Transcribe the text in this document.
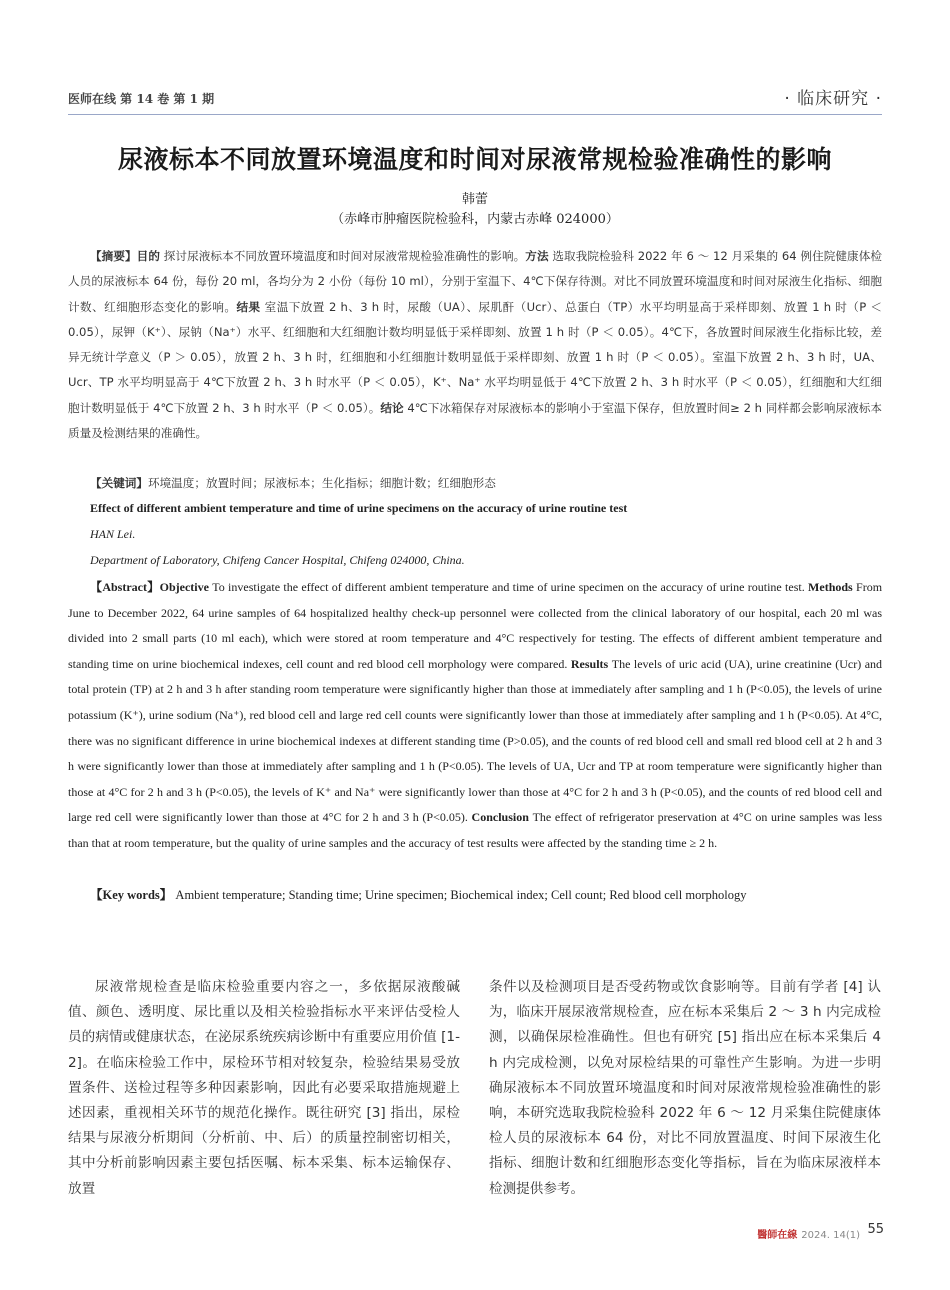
医师在线 第 14 卷 第 1 期	· 临床研究 ·
尿液标本不同放置环境温度和时间对尿液常规检验准确性的影响
韩蕾
（赤峰市肿瘤医院检验科，内蒙古赤峰 024000）
【摘要】目的 探讨尿液标本不同放置环境温度和时间对尿液常规检验准确性的影响。方法 选取我院检验科 2022 年 6 ～ 12 月采集的 64 例住院健康体检人员的尿液标本 64 份，每份 20 ml，各均分为 2 小份（每份 10 ml），分别于室温下、4℃下保存待测。对比不同放置环境温度和时间对尿液生化指标、细胞计数、红细胞形态变化的影响。结果 室温下放置 2 h、3 h 时，尿酸（UA）、尿肌酐（Ucr）、总蛋白（TP）水平均明显高于采样即刻、放置 1 h 时（P ＜ 0.05），尿钾（K⁺）、尿钠（Na⁺）水平、红细胞和大红细胞计数均明显低于采样即刻、放置 1 h 时（P ＜ 0.05）。4℃下，各放置时间尿液生化指标比较，差异无统计学意义（P ＞ 0.05），放置 2 h、3 h 时，红细胞和小红细胞计数明显低于采样即刻、放置 1 h 时（P ＜ 0.05）。室温下放置 2 h、3 h 时，UA、Ucr、TP 水平均明显高于 4℃下放置 2 h、3 h 时水平（P ＜ 0.05），K⁺、Na⁺ 水平均明显低于 4℃下放置 2 h、3 h 时水平（P ＜ 0.05），红细胞和大红细胞计数明显低于 4℃下放置 2 h、3 h 时水平（P ＜ 0.05）。结论 4℃下冰箱保存对尿液标本的影响小于室温下保存，但放置时间≥ 2 h 同样都会影响尿液标本质量及检测结果的准确性。
【关键词】环境温度；放置时间；尿液标本；生化指标；细胞计数；红细胞形态
Effect of different ambient temperature and time of urine specimens on the accuracy of urine routine test
HAN Lei.
Department of Laboratory, Chifeng Cancer Hospital, Chifeng 024000, China.
【Abstract】Objective To investigate the effect of different ambient temperature and time of urine specimen on the accuracy of urine routine test. Methods From June to December 2022, 64 urine samples of 64 hospitalized healthy check-up personnel were collected from the clinical laboratory of our hospital, each 20 ml was divided into 2 small parts (10 ml each), which were stored at room temperature and 4°C respectively for testing. The effects of different ambient temperature and standing time on urine biochemical indexes, cell count and red blood cell morphology were compared. Results The levels of uric acid (UA), urine creatinine (Ucr) and total protein (TP) at 2 h and 3 h after standing room temperature were significantly higher than those at immediately after sampling and 1 h (P<0.05), the levels of urine potassium (K⁺), urine sodium (Na⁺), red blood cell and large red cell counts were significantly lower than those at immediately after sampling and 1 h (P<0.05). At 4°C, there was no significant difference in urine biochemical indexes at different standing time (P>0.05), and the counts of red blood cell and small red blood cell at 2 h and 3 h were significantly lower than those at immediately after sampling and 1 h (P<0.05). The levels of UA, Ucr and TP at room temperature were significantly higher than those at 4°C for 2 h and 3 h (P<0.05), the levels of K⁺ and Na⁺ were significantly lower than those at 4°C for 2 h and 3 h (P<0.05), and the counts of red blood cell and large red cell were significantly lower than those at 4°C for 2 h and 3 h (P<0.05). Conclusion The effect of refrigerator preservation at 4°C on urine samples was less than that at room temperature, but the quality of urine samples and the accuracy of test results were affected by the standing time ≥ 2 h.
【Key words】 Ambient temperature; Standing time; Urine specimen; Biochemical index; Cell count; Red blood cell morphology
尿液常规检查是临床检验重要内容之一，多依据尿液酸碱值、颜色、透明度、尿比重以及相关检验指标水平来评估受检人员的病情或健康状态，在泌尿系统疾病诊断中有重要应用价值 [1-2]。在临床检验工作中，尿检环节相对较复杂，检验结果易受放置条件、送检过程等多种因素影响，因此有必要采取措施规避上述因素，重视相关环节的规范化操作。既往研究 [3] 指出，尿检结果与尿液分析期间（分析前、中、后）的质量控制密切相关，其中分析前影响因素主要包括医嘱、标本采集、标本运输保存、放置
条件以及检测项目是否受药物或饮食影响等。目前有学者 [4] 认为，临床开展尿液常规检查，应在标本采集后 2 ～ 3 h 内完成检测，以确保尿检准确性。但也有研究 [5] 指出应在标本采集后 4 h 内完成检测，以免对尿检结果的可靠性产生影响。为进一步明确尿液标本不同放置环境温度和时间对尿液常规检验准确性的影响，本研究选取我院检验科 2022 年 6 ～ 12 月采集住院健康体检人员的尿液标本 64 份，对比不同放置温度、时间下尿液生化指标、细胞计数和红细胞形态变化等指标，旨在为临床尿液样本检测提供参考。
醫師在線 2024. 14(1) 55
